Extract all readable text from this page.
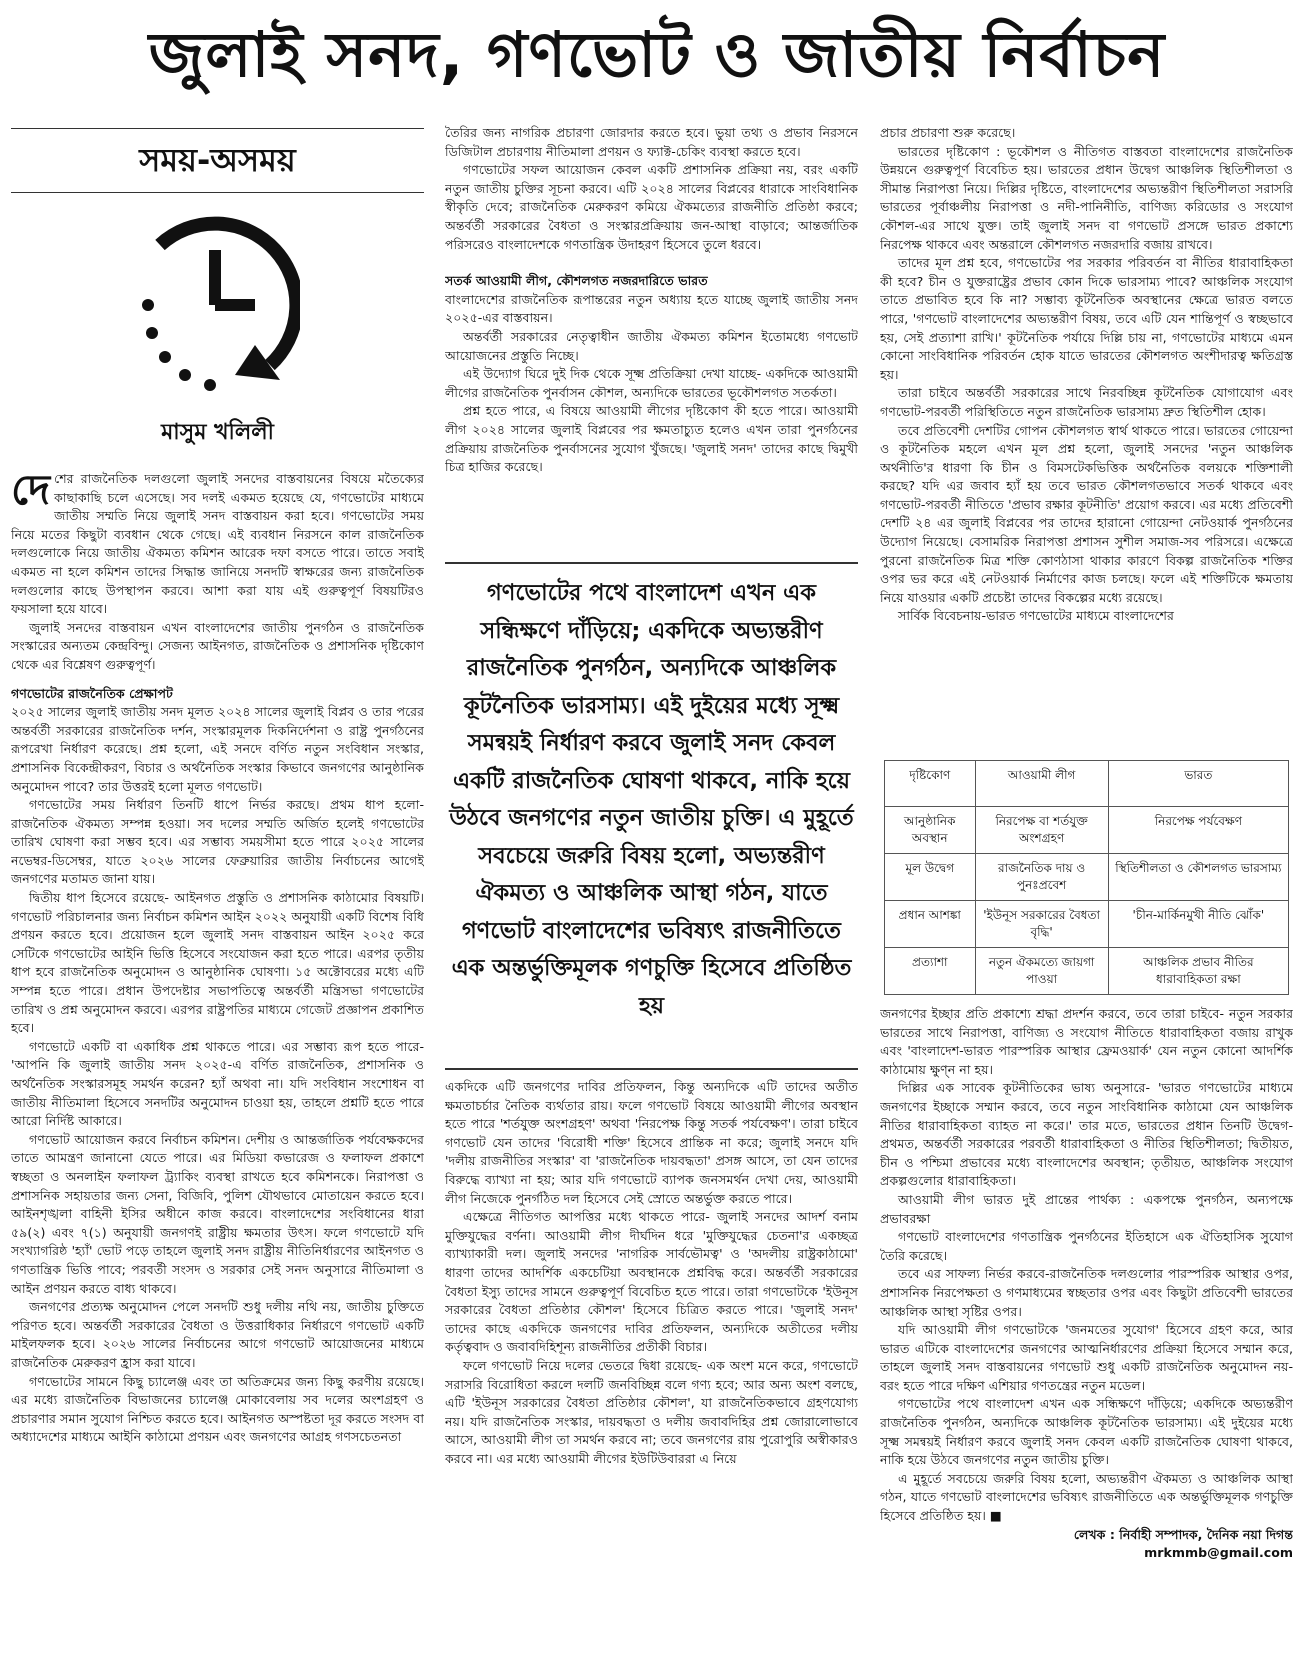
জুলাই সনদ, গণভোট ও জাতীয় নির্বাচন
সময়-অসময়
মাসুম খলিলী

দেশের রাজনৈতিক দলগুলো জুলাই সনদের বাস্তবায়নের বিষয়ে মতৈক্যের কাছাকাছি চলে এসেছে। সব দলই একমত হয়েছে যে, গণভোটের মাধ্যমে জাতীয় সম্মতি নিয়ে জুলাই সনদ বাস্তবায়ন করা হবে। গণভোটের সময় নিয়ে মতের কিছুটা ব্যবধান থেকে গেছে। এই ব্যবধান নিরসনে কাল রাজনৈতিক দলগুলোকে নিয়ে জাতীয় ঐকমত্য কমিশন আরেক দফা বসতে পারে। তাতে সবাই একমত না হলে কমিশন তাদের সিদ্ধান্ত জানিয়ে সনদটি স্বাক্ষরের জন্য রাজনৈতিক দলগুলোর কাছে উপস্থাপন করবে। আশা করা যায় এই গুরুত্বপূর্ণ বিষয়টিরও ফয়সালা হয়ে যাবে।

জুলাই সনদের বাস্তবায়ন এখন বাংলাদেশের জাতীয় পুনর্গঠন ও রাজনৈতিক সংস্কারের অন্যতম কেন্দ্রবিন্দু। সেজন্য আইনগত, রাজনৈতিক ও প্রশাসনিক দৃষ্টিকোণ থেকে এর বিশ্লেষণ গুরুত্বপূর্ণ।

গণভোটের রাজনৈতিক প্রেক্ষাপট

২০২৫ সালের জুলাই জাতীয় সনদ মূলত ২০২৪ সালের জুলাই বিপ্লব ও তার পরের অন্তর্বর্তী সরকারের রাজনৈতিক দর্শন, সংস্কারমূলক দিকনির্দেশনা ও রাষ্ট্র পুনর্গঠনের রূপরেখা নির্ধারণ করেছে। প্রশ্ন হলো, এই সনদে বর্ণিত নতুন সংবিধান সংস্কার, প্রশাসনিক বিকেন্দ্রীকরণ, বিচার ও অর্থনৈতিক সংস্কার কিভাবে জনগণের আনুষ্ঠানিক অনুমোদন পাবে? তার উত্তরই হলো মূলত গণভোট।

গণভোটের সময় নির্ধারণ তিনটি ধাপে নির্ভর করছে। প্রথম ধাপ হলো- রাজনৈতিক ঐকমত্য সম্পন্ন হওয়া। সব দলের সম্মতি অর্জিত হলেই গণভোটের তারিখ ঘোষণা করা সম্ভব হবে। এর সম্ভাব্য সময়সীমা হতে পারে ২০২৫ সালের নভেম্বর-ডিসেম্বর, যাতে ২০২৬ সালের ফেব্রুয়ারির জাতীয় নির্বাচনের আগেই জনগণের মতামত জানা যায়।

দ্বিতীয় ধাপ হিসেবে রয়েছে- আইনগত প্রস্তুতি ও প্রশাসনিক কাঠামোর বিষয়টি। গণভোট পরিচালনার জন্য নির্বাচন কমিশন আইন ২০২২ অনুযায়ী একটি বিশেষ বিধি প্রণয়ন করতে হবে। প্রয়োজন হলে জুলাই সনদ বাস্তবায়ন আইন ২০২৫ করে সেটিকে গণভোটের আইনি ভিত্তি হিসেবে সংযোজন করা হতে পারে। এরপর তৃতীয় ধাপ হবে রাজনৈতিক অনুমোদন ও আনুষ্ঠানিক ঘোষণা। ১৫ অক্টোবরের মধ্যে এটি সম্পন্ন হতে পারে। প্রধান উপদেষ্টার সভাপতিত্বে অন্তর্বর্তী মন্ত্রিসভা গণভোটের তারিখ ও প্রশ্ন অনুমোদন করবে। এরপর রাষ্ট্রপতির মাধ্যমে গেজেট প্রজ্ঞাপন প্রকাশিত হবে।

গণভোটে একটি বা একাধিক প্রশ্ন থাকতে পারে। এর সম্ভাব্য রূপ হতে পারে-'আপনি কি জুলাই জাতীয় সনদ ২০২৫-এ বর্ণিত রাজনৈতিক, প্রশাসনিক ও অর্থনৈতিক সংস্কারসমূহ সমর্থন করেন? হ্যাঁ অথবা না। যদি সংবিধান সংশোধন বা জাতীয় নীতিমালা হিসেবে সনদটির অনুমোদন চাওয়া হয়, তাহলে প্রশ্নটি হতে পারে আরো নির্দিষ্ট আকারে।

গণভোট আয়োজন করবে নির্বাচন কমিশন। দেশীয় ও আন্তর্জাতিক পর্যবেক্ষকদের তাতে আমন্ত্রণ জানানো যেতে পারে। এর মিডিয়া কভারেজ ও ফলাফল প্রকাশে স্বচ্ছতা ও অনলাইন ফলাফল ট্র্যাকিং ব্যবস্থা রাখতে হবে কমিশনকে। নিরাপত্তা ও প্রশাসনিক সহায়তার জন্য সেনা, বিজিবি, পুলিশ যৌথভাবে মোতায়েন করতে হবে। আইনশৃঙ্খলা বাহিনী ইসির অধীনে কাজ করবে। বাংলাদেশের সংবিধানের ধারা ৫৯(২) এবং ৭(১) অনুযায়ী জনগণই রাষ্ট্রীয় ক্ষমতার উৎস। ফলে গণভোটে যদি সংখ্যাগরিষ্ঠ 'হ্যাঁ' ভোট পড়ে তাহলে জুলাই সনদ রাষ্ট্রীয় নীতিনির্ধারণের আইনগত ও গণতান্ত্রিক ভিত্তি পাবে; পরবর্তী সংসদ ও সরকার সেই সনদ অনুসারে নীতিমালা ও আইন প্রণয়ন করতে বাধ্য থাকবে।

জনগণের প্রত্যক্ষ অনুমোদন পেলে সনদটি শুধু দলীয় নথি নয়, জাতীয় চুক্তিতে পরিণত হবে। অন্তর্বর্তী সরকারের বৈধতা ও উত্তরাধিকার নির্ধারণে গণভোট একটি মাইলফলক হবে। ২০২৬ সালের নির্বাচনের আগে গণভোট আয়োজনের মাধ্যমে রাজনৈতিক মেরুকরণ হ্রাস করা যাবে।

গণভোটের সামনে কিছু চ্যালেঞ্জ এবং তা অতিক্রমের জন্য কিছু করণীয় রয়েছে। এর মধ্যে রাজনৈতিক বিভাজনের চ্যালেঞ্জ মোকাবেলায় সব দলের অংশগ্রহণ ও প্রচারণার সমান সুযোগ নিশ্চিত করতে হবে। আইনগত অস্পষ্টতা দূর করতে সংসদ বা অধ্যাদেশের মাধ্যমে আইনি কাঠামো প্রণয়ন এবং জনগণের আগ্রহ গণসচেতনতা

তৈরির জন্য নাগরিক প্রচারণা জোরদার করতে হবে। ভুয়া তথ্য ও প্রভাব নিরসনে ডিজিটাল প্রচারণায় নীতিমালা প্রণয়ন ও ফ্যাক্ট-চেকিং ব্যবস্থা করতে হবে।

গণভোটের সফল আয়োজন কেবল একটি প্রশাসনিক প্রক্রিয়া নয়, বরং একটি নতুন জাতীয় চুক্তির সূচনা করবে। এটি ২০২৪ সালের বিপ্লবের ধারাকে সাংবিধানিক স্বীকৃতি দেবে; রাজনৈতিক মেরুকরণ কমিয়ে ঐকমত্যের রাজনীতি প্রতিষ্ঠা করবে; অন্তর্বর্তী সরকারের বৈধতা ও সংস্কারপ্রক্রিয়ায় জন-আস্থা বাড়াবে; আন্তর্জাতিক পরিসরেও বাংলাদেশকে গণতান্ত্রিক উদাহরণ হিসেবে তুলে ধরবে।

সতর্ক আওয়ামী লীগ, কৌশলগত নজরদারিতে ভারত

বাংলাদেশের রাজনৈতিক রূপান্তরের নতুন অধ্যায় হতে যাচ্ছে জুলাই জাতীয় সনদ ২০২৫-এর বাস্তবায়ন।

অন্তর্বর্তী সরকারের নেতৃত্বাধীন জাতীয় ঐকমত্য কমিশন ইতোমধ্যে গণভোট আয়োজনের প্রস্তুতি নিচ্ছে।

এই উদ্যোগ ঘিরে দুই দিক থেকে সূক্ষ্ম প্রতিক্রিয়া দেখা যাচ্ছে- একদিকে আওয়ামী লীগের রাজনৈতিক পুনর্বাসন কৌশল, অন্যদিকে ভারতের ভূকৌশলগত সতর্কতা।

প্রশ্ন হতে পারে, এ বিষয়ে আওয়ামী লীগের দৃষ্টিকোণ কী হতে পারে। আওয়ামী লীগ ২০২৪ সালের জুলাই বিপ্লবের পর ক্ষমতাচ্যুত হলেও এখন তারা পুনর্গঠনের প্রক্রিয়ায় রাজনৈতিক পুনর্বাসনের সুযোগ খুঁজছে। 'জুলাই সনদ' তাদের কাছে দ্বিমুখী চিত্র হাজির করেছে।

গণভোটের পথে বাংলাদেশ এখন এক সন্ধিক্ষণে দাঁড়িয়ে; একদিকে অভ্যন্তরীণ রাজনৈতিক পুনর্গঠন, অন্যদিকে আঞ্চলিক কূটনৈতিক ভারসাম্য। এই দুইয়ের মধ্যে সূক্ষ্ম সমন্বয়ই নির্ধারণ করবে জুলাই সনদ কেবল একটি রাজনৈতিক ঘোষণা থাকবে, নাকি হয়ে উঠবে জনগণের নতুন জাতীয় চুক্তি। এ মুহূর্তে সবচেয়ে জরুরি বিষয় হলো, অভ্যন্তরীণ ঐকমত্য ও আঞ্চলিক আস্থা গঠন, যাতে গণভোট বাংলাদেশের ভবিষ্যৎ রাজনীতিতে এক অন্তর্ভুক্তিমূলক গণচুক্তি হিসেবে প্রতিষ্ঠিত হয়

একদিকে এটি জনগণের দাবির প্রতিফলন, কিন্তু অন্যদিকে এটি তাদের অতীত ক্ষমতাচর্চার নৈতিক ব্যর্থতার রায়। ফলে গণভোট বিষয়ে আওয়ামী লীগের অবস্থান হতে পারে 'শর্তযুক্ত অংশগ্রহণ' অথবা 'নিরপেক্ষ কিন্তু সতর্ক পর্যবেক্ষণ'। তারা চাইবে গণভোট যেন তাদের 'বিরোধী শক্তি' হিসেবে প্রান্তিক না করে; জুলাই সনদে যদি 'দলীয় রাজনীতির সংস্কার' বা 'রাজনৈতিক দায়বদ্ধতা' প্রসঙ্গ আসে, তা যেন তাদের বিরুদ্ধে ব্যাখ্যা না হয়; আর যদি গণভোটে ব্যাপক জনসমর্থন দেখা দেয়, আওয়ামী লীগ নিজেকে পুনর্গঠিত দল হিসেবে সেই স্রোতে অন্তর্ভুক্ত করতে পারে।

এক্ষেত্রে নীতিগত আপত্তির মধ্যে থাকতে পারে- জুলাই সনদের আদর্শ বনাম মুক্তিযুদ্ধের বর্ণনা। আওয়ামী লীগ দীর্ঘদিন ধরে 'মুক্তিযুদ্ধের চেতনা'র একচ্ছত্র ব্যাখ্যাকারী দল। জুলাই সনদের 'নাগরিক সার্বভৌমত্ব' ও 'অদলীয় রাষ্ট্রকাঠামো' ধারণা তাদের আদর্শিক একচেটিয়া অবস্থানকে প্রশ্নবিদ্ধ করে। অন্তর্বর্তী সরকারের বৈধতা ইস্যু তাদের সামনে গুরুত্বপূর্ণ বিবেচিত হতে পারে। তারা গণভোটকে 'ইউনূস সরকারের বৈধতা প্রতিষ্ঠার কৌশল' হিসেবে চিত্রিত করতে পারে। 'জুলাই সনদ' তাদের কাছে একদিকে জনগণের দাবির প্রতিফলন, অন্যদিকে অতীতের দলীয় কর্তৃত্ববাদ ও জবাবদিহিশূন্য রাজনীতির প্রতীকী বিচার।

ফলে গণভোট নিয়ে দলের ভেতরে দ্বিধা রয়েছে- এক অংশ মনে করে, গণভোটে সরাসরি বিরোধিতা করলে দলটি জনবিচ্ছিন্ন বলে গণ্য হবে; আর অন্য অংশ বলছে, এটি 'ইউনূস সরকারের বৈধতা প্রতিষ্ঠার কৌশল', যা রাজনৈতিকভাবে গ্রহণযোগ্য নয়। যদি রাজনৈতিক সংস্কার, দায়বদ্ধতা ও দলীয় জবাবদিহির প্রশ্ন জোরালোভাবে আসে, আওয়ামী লীগ তা সমর্থন করবে না; তবে জনগণের রায় পুরোপুরি অস্বীকারও করবে না। এর মধ্যে আওয়ামী লীগের ইউটিউবাররা এ নিয়ে

প্রচার প্রচারণা শুরু করেছে।

ভারতের দৃষ্টিকোণ : ভূকৌশল ও নীতিগত বাস্তবতা বাংলাদেশের রাজনৈতিক উন্নয়নে গুরুত্বপূর্ণ বিবেচিত হয়। ভারতের প্রধান উদ্বেগ আঞ্চলিক স্থিতিশীলতা ও সীমান্ত নিরাপত্তা নিয়ে। দিল্লির দৃষ্টিতে, বাংলাদেশের অভ্যন্তরীণ স্থিতিশীলতা সরাসরি ভারতের পূর্বাঞ্চলীয় নিরাপত্তা ও নদী-পানিনীতি, বাণিজ্য করিডোর ও সংযোগ কৌশল-এর সাথে যুক্ত। তাই জুলাই সনদ বা গণভোট প্রসঙ্গে ভারত প্রকাশ্যে নিরপেক্ষ থাকবে এবং অন্তরালে কৌশলগত নজরদারি বজায় রাখবে।

তাদের মূল প্রশ্ন হবে, গণভোটের পর সরকার পরিবর্তন বা নীতির ধারাবাহিকতা কী হবে? চীন ও যুক্তরাষ্ট্রের প্রভাব কোন দিকে ভারসাম্য পাবে? আঞ্চলিক সংযোগ তাতে প্রভাবিত হবে কি না? সম্ভাব্য কূটনৈতিক অবস্থানের ক্ষেত্রে ভারত বলতে পারে, 'গণভোট বাংলাদেশের অভ্যন্তরীণ বিষয়, তবে এটি যেন শান্তিপূর্ণ ও স্বচ্ছভাবে হয়, সেই প্রত্যাশা রাখি।' কূটনৈতিক পর্যায়ে দিল্লি চায় না, গণভোটের মাধ্যমে এমন কোনো সাংবিধানিক পরিবর্তন হোক যাতে ভারতের কৌশলগত অংশীদারত্ব ক্ষতিগ্রস্ত হয়।

তারা চাইবে অন্তর্বর্তী সরকারের সাথে নিরবচ্ছিন্ন কূটনৈতিক যোগাযোগ এবং গণভোট-পরবর্তী পরিস্থিতিতে নতুন রাজনৈতিক ভারসাম্য দ্রুত স্থিতিশীল হোক।

তবে প্রতিবেশী দেশটির গোপন কৌশলগত স্বার্থ থাকতে পারে। ভারতের গোয়েন্দা ও কূটনৈতিক মহলে এখন মূল প্রশ্ন হলো, জুলাই সনদের 'নতুন আঞ্চলিক অর্থনীতি'র ধারণা কি চীন ও বিমসটেকভিত্তিক অর্থনৈতিক বলয়কে শক্তিশালী করছে? যদি এর জবাব হ্যাঁ হয় তবে ভারত কৌশলগতভাবে সতর্ক থাকবে এবং গণভোট-পরবর্তী নীতিতে 'প্রভাব রক্ষার কূটনীতি' প্রয়োগ করবে। এর মধ্যে প্রতিবেশী দেশটি ২৪ এর জুলাই বিপ্লবের পর তাদের হারানো গোয়েন্দা নেটওয়ার্ক পুনর্গঠনের উদ্যোগ নিয়েছে। বেসামরিক নিরাপত্তা প্রশাসন সুশীল সমাজ-সব পরিসরে। এক্ষেত্রে পুরনো রাজনৈতিক মিত্র শক্তি কোণঠাসা থাকার কারণে বিকল্প রাজনৈতিক শক্তির ওপর ভর করে এই নেটওয়ার্ক নির্মাণের কাজ চলছে। ফলে এই শক্তিটিকে ক্ষমতায় নিয়ে যাওয়ার একটি প্রচেষ্টা তাদের বিকল্পের মধ্যে রয়েছে।

সার্বিক বিবেচনায়-ভারত গণভোটের মাধ্যমে বাংলাদেশের

দৃষ্টিকোণ	আওয়ামী লীগ	ভারত
আনুষ্ঠানিক অবস্থান	নিরপেক্ষ বা শর্তযুক্ত অংশগ্রহণ	নিরপেক্ষ পর্যবেক্ষণ
মূল উদ্বেগ	রাজনৈতিক দায় ও পুনঃপ্রবেশ	স্থিতিশীলতা ও কৌশলগত ভারসাম্য
প্রধান আশঙ্কা	'ইউনূস সরকারের বৈধতা বৃদ্ধি'	'চীন-মার্কিনমুখী নীতি ঝোঁক'
প্রত্যাশা	নতুন ঐকমত্যে জায়গা পাওয়া	আঞ্চলিক প্রভাব নীতির ধারাবাহিকতা রক্ষা

জনগণের ইচ্ছার প্রতি প্রকাশ্যে শ্রদ্ধা প্রদর্শন করবে, তবে তারা চাইবে- নতুন সরকার ভারতের সাথে নিরাপত্তা, বাণিজ্য ও সংযোগ নীতিতে ধারাবাহিকতা বজায় রাখুক এবং 'বাংলাদেশ-ভারত পারস্পরিক আস্থার ফ্রেমওয়ার্ক' যেন নতুন কোনো আদর্শিক কাঠামোয় ক্ষুণ্ন না হয়।

দিল্লির এক সাবেক কূটনীতিকের ভাষ্য অনুসারে- 'ভারত গণভোটের মাধ্যমে জনগণের ইচ্ছাকে সম্মান করবে, তবে নতুন সাংবিধানিক কাঠামো যেন আঞ্চলিক নীতির ধারাবাহিকতা ব্যাহত না করে।' তার মতে, ভারতের প্রধান তিনটি উদ্বেগ- প্রথমত, অন্তর্বর্তী সরকারের পরবর্তী ধারাবাহিকতা ও নীতির স্থিতিশীলতা; দ্বিতীয়ত, চীন ও পশ্চিমা প্রভাবের মধ্যে বাংলাদেশের অবস্থান; তৃতীয়ত, আঞ্চলিক সংযোগ প্রকল্পগুলোর ধারাবাহিকতা।

আওয়ামী লীগ ভারত দুই প্রান্তের পার্থক্য : একপক্ষে পুনর্গঠন, অন্যপক্ষে প্রভাবরক্ষা

গণভোট বাংলাদেশের গণতান্ত্রিক পুনর্গঠনের ইতিহাসে এক ঐতিহাসিক সুযোগ তৈরি করেছে।

তবে এর সাফল্য নির্ভর করবে-রাজনৈতিক দলগুলোর পারস্পরিক আস্থার ওপর, প্রশাসনিক নিরপেক্ষতা ও গণমাধ্যমের স্বচ্ছতার ওপর এবং কিছুটা প্রতিবেশী ভারতের আঞ্চলিক আস্থা সৃষ্টির ওপর।

যদি আওয়ামী লীগ গণভোটকে 'জনমতের সুযোগ' হিসেবে গ্রহণ করে, আর ভারত এটিকে বাংলাদেশের জনগণের আত্মনির্ধারণের প্রক্রিয়া হিসেবে সম্মান করে, তাহলে জুলাই সনদ বাস্তবায়নের গণভোট শুধু একটি রাজনৈতিক অনুমোদন নয়- বরং হতে পারে দক্ষিণ এশিয়ার গণতন্ত্রের নতুন মডেল।

গণভোটের পথে বাংলাদেশ এখন এক সন্ধিক্ষণে দাঁড়িয়ে; একদিকে অভ্যন্তরীণ রাজনৈতিক পুনর্গঠন, অন্যদিকে আঞ্চলিক কূটনৈতিক ভারসাম্য। এই দুইয়ের মধ্যে সূক্ষ্ম সমন্বয়ই নির্ধারণ করবে জুলাই সনদ কেবল একটি রাজনৈতিক ঘোষণা থাকবে, নাকি হয়ে উঠবে জনগণের নতুন জাতীয় চুক্তি।

এ মুহূর্তে সবচেয়ে জরুরি বিষয় হলো, অভ্যন্তরীণ ঐকমত্য ও আঞ্চলিক আস্থা গঠন, যাতে গণভোট বাংলাদেশের ভবিষ্যৎ রাজনীতিতে এক অন্তর্ভুক্তিমূলক গণচুক্তি হিসেবে প্রতিষ্ঠিত হয়। ■

লেখক : নির্বাহী সম্পাদক, দৈনিক নয়া দিগন্ত
mrkmmb@gmail.com
